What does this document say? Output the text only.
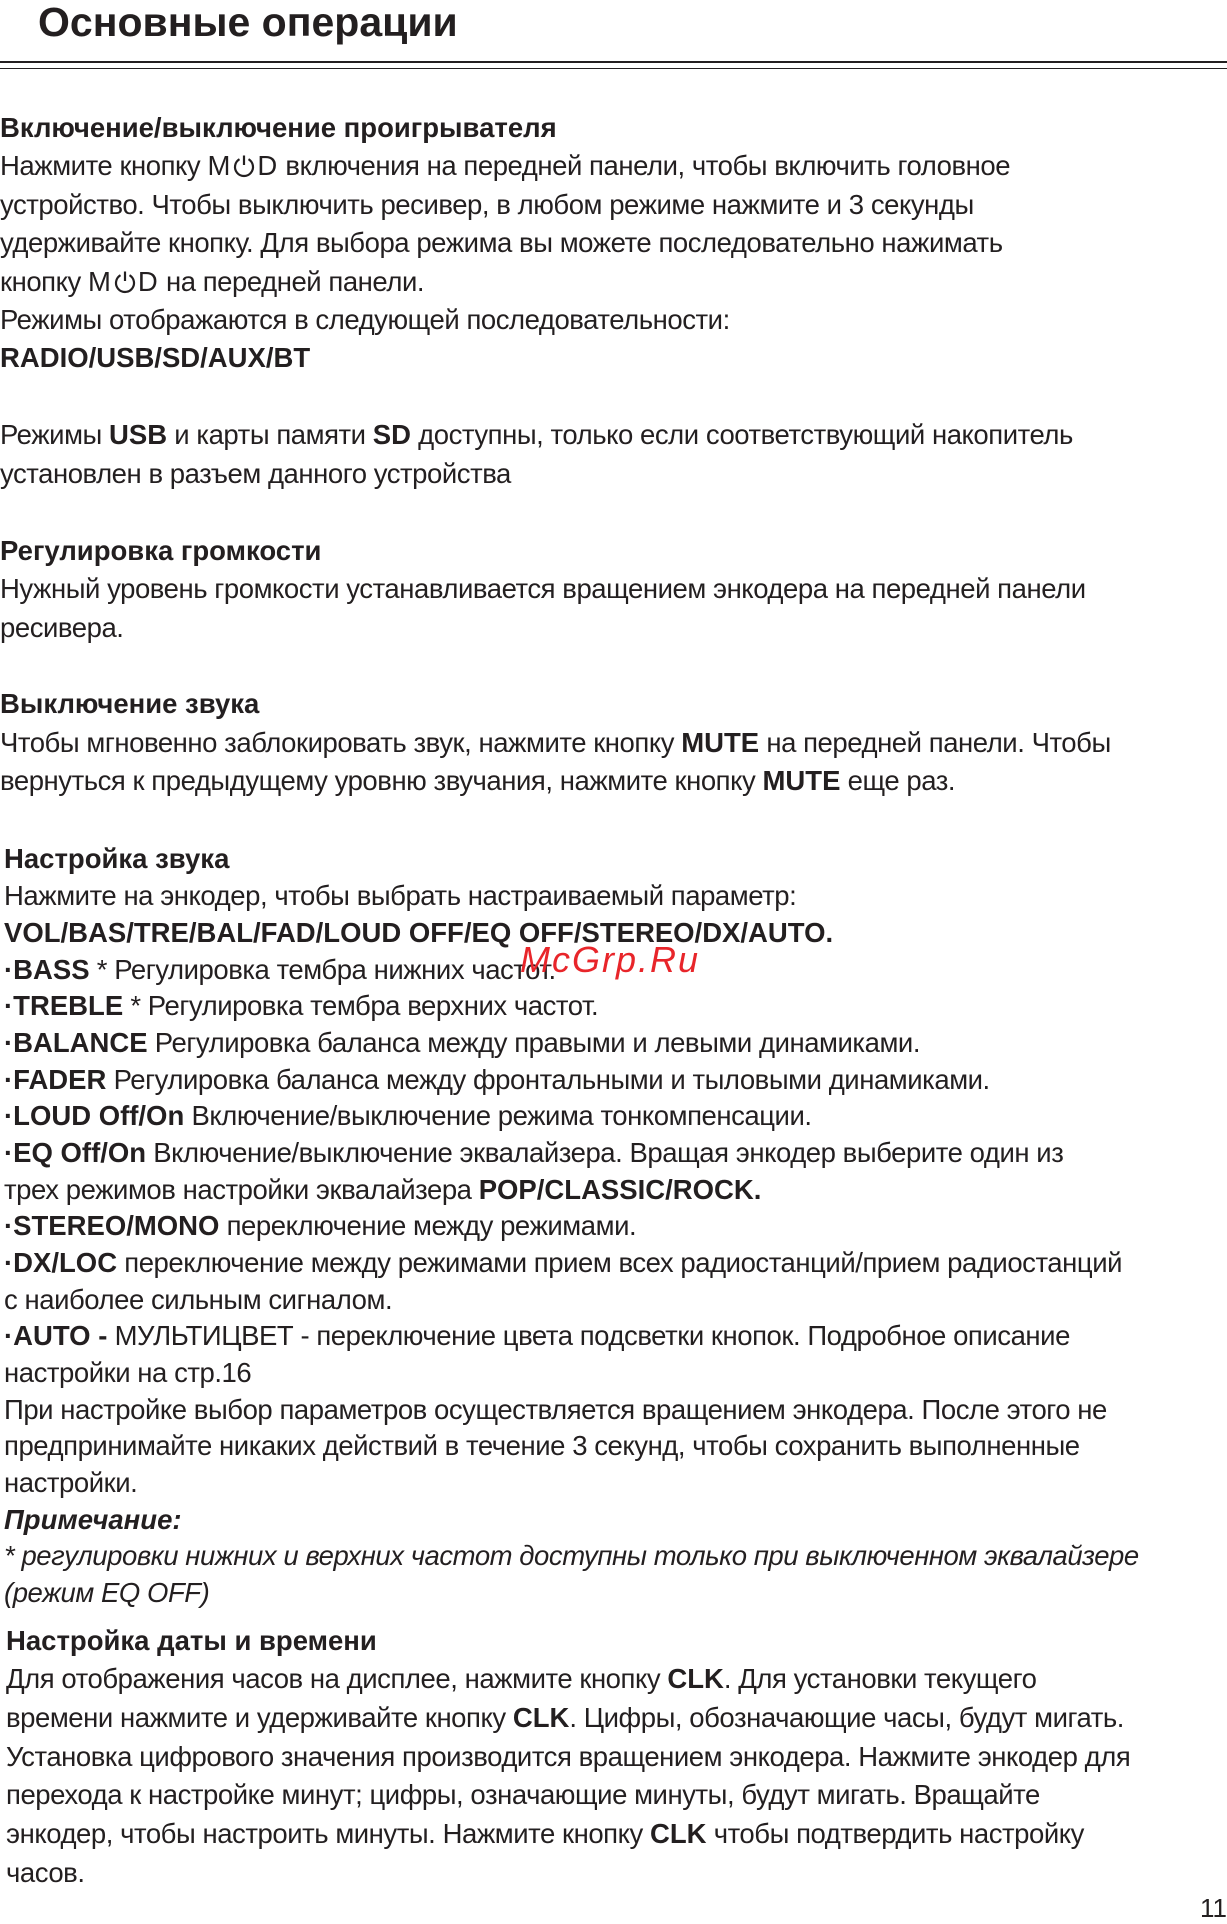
Основные операции
Включение/выключение проигрывателя
Нажмите кнопку M D включения на передней панели, чтобы включить головное
устройство. Чтобы выключить ресивер, в любом режиме нажмите и 3 секунды
удерживайте кнопку. Для выбора режима вы можете последовательно нажимать
кнопку M D на передней панели.
Режимы отображаются в следующей последовательности:
RADIO/USB/SD/AUX/BT
Режимы USB и карты памяти SD доступны, только если соответствующий накопитель
установлен в разъем данного устройства
Регулировка громкости
Нужный уровень громкости устанавливается вращением энкодера на передней панели
ресивера.
Выключение звука
Чтобы мгновенно заблокировать звук, нажмите кнопку MUTE на передней панели. Чтобы
вернуться к предыдущему уровню звучания, нажмите кнопку MUTE еще раз.
Настройка звука
Нажмите на энкодер, чтобы выбрать настраиваемый параметр:
VOL/BAS/TRE/BAL/FAD/LOUD OFF/EQ OFF/STEREO/DX/AUTO.
·BASS * Регулировка тембра нижних частот.
·TREBLE * Регулировка тембра верхних частот.
·BALANCE Регулировка баланса между правыми и левыми динамиками.
·FADER Регулировка баланса между фронтальными и тыловыми динамиками.
·LOUD Off/On Включение/выключение режима тонкомпенсации.
·EQ Off/On Включение/выключение эквалайзера. Вращая энкодер выберите один из
трех режимов настройки эквалайзера POP/CLASSIC/ROCK.
·STEREO/MONO переключение между режимами.
·DX/LOC переключение между режимами прием всех радиостанций/прием радиостанций
с наиболее сильным сигналом.
·AUTO - МУЛЬТИЦВЕТ - переключение цвета подсветки кнопок. Подробное описание
настройки на стр.16
При настройке выбор параметров осуществляется вращением энкодера. После этого не
предпринимайте никаких действий в течение 3 секунд, чтобы сохранить выполненные
настройки.
Примечание:
* регулировки нижних и верхних частот доступны только при выключенном эквалайзере
(режим EQ OFF)
Настройка даты и времени
Для отображения часов на дисплее, нажмите кнопку CLK. Для установки текущего
времени нажмите и удерживайте кнопку CLK. Цифры, обозначающие часы, будут мигать.
Установка цифрового значения производится вращением энкодера. Нажмите энкодер для
перехода к настройке минут; цифры, означающие минуты, будут мигать. Вращайте
энкодер, чтобы настроить минуты. Нажмите кнопку CLK чтобы подтвердить настройку
часов.
McGrp.Ru
11
